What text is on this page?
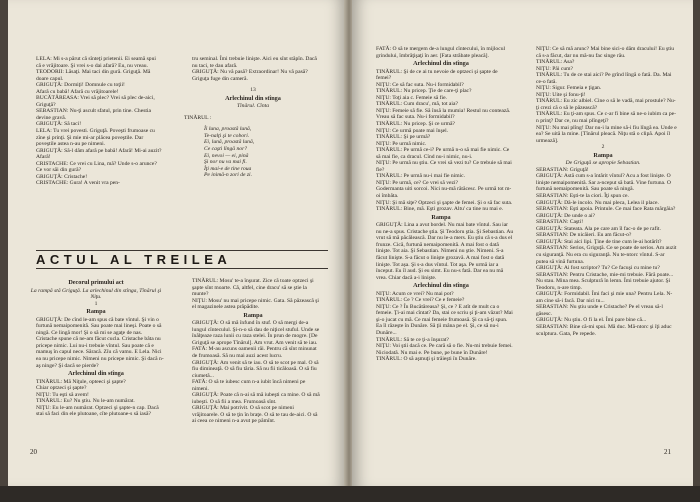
LELA: Mi s-a părut că sînteţi prietenii. Ei seamă spui că e vrăjitoare. Şi vrei s-o dai afară? Eu, nu vreau.

TEODORII: Lăsaţi. Mai taci din gură. Griguţă. Mă doare capul.

GRIGUŢĂ: Dormiţi! Domnule cu toţii!

Afară cu babă! Afară cu vrăjitoarele!

BUCĂTĂREASA: Vrei să plec? Vrei să plec de-aici, Griguţă?

SEBASTIAN: Nu-ţi ascult sfatul, prin tine. Chestia devine gravă.

GRIGUŢĂ: Să taci!

LELA: Tu vrei povesti. Griguţă. Poveşti frumoase cu zîne şi prinţi. Şi mie mi-ar plăcea poveştile. Dar poveştile astea n-au pe nimeni.

GRIGUŢĂ: Să-l dăm afară pe babă! Afară! Mi-ai auzit? Afară!

CRISTACHE: Ce vrei cu Lina, mă? Unde s-o arunce? Ce vor săi din gură?

GRIGUŢĂ: Cristache!

CRISTACHE: Gura! A venit vra pen-

tru seminal. Îmi trebuie linişte. Aici eu sînt stăpîn. Dacă nu taci, te dau afară.

GRIGUŢĂ: Nu vă pasă? Extraordinar! Nu vă pasă?

Griguţa fuge din cameră.

13

Arlechinul din stînga

Tînărul. Cînta

TINĂRUL :

Îi luna, proastă lună,

Te-nalţi şi te cobori.

Ei, lună, proastă lună,

Ce caşti lîngă nor?

Ei, nevoi — ei, pină

Şi nor nu va mai fi.

Îţi mai-e de tine roua

Pe inimă-n zori de zi.

ACTUL AL TREILEA

Decorul primului act

La rampă stă Griguţă. La arlechinul din stînga, Tînărul şi Niţu.

1

Rampa

GRIGUŢĂ: De cînd le-am spus că bate vîntul. Şi vin o furtună nemaipomenită. Sau poate mai lineşi. Poate o să ningă. Ce lingă mor! Şi o să mi se agaţe de nas. Cristache spune că ne-am făcut cucla. Cristache bâta nu pricepe nimic. Lui nu-i trebuie vîntul. Sau poate că e mamuş în capul nece. Săracă. Zîu că vamu. E Lela. Nici ea nu pricepe nimic. Nimeni nu pricepe nimic. Şi dacă n-aş ninge? Şi dacă se pierde?

Arlechinul din stînga

TINĂRUL: Mă Niţule, opteeci şi şapte?

Chiar optzeci şi şapte?

NIŢU: Tu eşti să avem!

TINĂRUL: Eu? Nu ştiu. Nu le-am numărat.

NIŢU: Eu le-am numărat. Optzeci şi şapte-n cap. Dacă stai să faci din ele plutoane, cîte plutoane-s să iasă?

TINĂRUL: Mosu' te-a înşurat. Zice că toate optzeci şi şapte sînt moarte. Că, altfel, cine dracu' să se ştie la munte?

NIŢU: Mosu' nu mai pricepe nimic. Gata. Să păzească şi el magazinele astea prăpădite.

Rampa

GRIGUŢĂ: O să mă înfund în stuf. O să mergi de-a lungul cînteculul. Şi-n-o să dau de niţicel stuful. Unde se înălţeaze raza lunii cu raza stelei. În prun de mogre. [De Griguţă se aprope Tînărul]. Am vrut. Am venit să te iau.

FATĂ: M-au ascuns oamenii răi. Pentru că sînt minunat de frumoasă. Să nu mai auzi acest lucru.

GRIGUŢĂ: Am venit să te iau. O să te scot pe mal. O să fiu dimineaţă. O să fiu tăria. Să nu fii ticăloasă. O să fiu ciumetă...

FATĂ: O să te iubesc cum n-a iubit încă nimeni pe nimeni.

GRIGUŢĂ: Poate că n-ai să mă iubeşti ca mine. O să mă iubeşti. O să fii a mea. Frumoasă sînt.

GRIGUŢĂ: Mai potrivit. O să scot pe nimeni vrăjitoarele. O să te ţin în braţe. O să te tau de-aici. O să ai ceea ce nimeni n-a avut pe pămînt.

20

FATĂ: O să te mergem de-a lungul cîntecului, în mijlocul grindului, îmbrăţişaţi în aer. [Fata străbate pleacă].

Arlechinul din stînga

TINĂRUL: Şi de ce ai tu nevoie de optzeci şi şapte de femei?

NIŢU: Ce să fac suta. Nu-i formidabil?

TINĂRUL: Nu pricep. Ţie de care-ţi plac?

NIŢU: Toţi aia c. Femeie să fie.

TINĂRUL: Cum dracu', mă, tot aia?

NIŢU: Femeie să fie. Să însă la mumia! Restul nu contează. Vreau să fac suta. Nu-i formidabil?

TINĂRUL: Nu pricep. Şi ce urmă?

NIŢU: Ce urmă poate mai înşel.

TINĂRUL: Şi pe urmă?

NIŢU: Pe urmă nimic.

TINĂRUL: Pe urmă ce-i? Pe urmă n-o să mai fie nimic. Ce să mai fie, ca dracul. Cînd nu-i nimic, nu-i.

NIŢU: Pe urmă nu ştiu. Ce vrei să vezi tu? Ce trebuie să mai fie?

TINĂRUL: Pe urmă nu-i mai fie nimic.

NIŢU: Pe urmă, ce? Ce vrei să vezi?

Godermanta uiti sorcoi. Nici nu-mă rătăcesc. Pe urmă tot m-oi îmbăta.

NIŢU: Şi mă siţe? Optzeci şi şapte de femei. Şi o să fac suta.

TINĂRUL: Bine, mă. Eşti grozav. Altu' ca tine nu mai e.

Rampa

GRIGUŢĂ: Lina a avut bordel. Nu mai bate vîntul. Sau iar nu ne-a spus. Cristache ştia. Şi Teodoru ştia. Şi Sebastian. Au vrut să mă păcălească. Dar nu le-a mers. Eu ştiu că s-a dus el frunze. Cică, furtună nemaipomenită. A mai fost o dată linişte. Tot aia. Şi Sebastian. Nimeni nu ştie. Nimeni. S-a făcut linişte. S-a făcut o linişte grozavă. A mai fost o dată linişte. Tot așa. Şi s-a dus vîntul. Tot aşa. Pe urmă iar a început. Eu îl aud. Şi eu simt. Eu nu-s fată. Dar ea nu mă vrea. Chiar dacă a-i linişte.

Arlechinul din stînga

NIŢU: Acum ce vrei? Nu mai pot?

TINĂRUL: Ce ? Ce vrei? Ce e femeie?

NIŢU: Ce ? În Bucătăreasa? Şi, ce ? E atît de mult ca o femeie. Ţi-ai mai cîntat? Da, stai ce scriu şi ţi-am văzut? Mai şi-o jucat cu mă. Ce mai femeie frumoasă. Şi ca să-ţi spun. Ea îl răzeşte în Dunăre. Să ţii mâna pe el. Şi, ce să nu-i Dunăre...

TINĂRUL: Să te ce ţi-a înşurat?

NIŢU: Voi ştii dacă ce. Pe cară să o fie. Nu-mi trebuie femei. Niciodată. Nu mai e. Pe bune, pe bune în Dunăre!

TINĂRUL: O să aşmuţi şi trăieşti în Dunăre.

NIŢU: Ce să mă arunc? Mai bine sici-o dăm dracului! Eu ştiu că s-a făcut, dar nu mă-nu fac singe rău.

TINĂRUL: Asa?

NIŢU: Păi cum?

TINĂRUL: Tu de ce stai aici? Pe grînd lîngă o fată. Da. Mai ce-o fată.

NIŢU: Sigur. Femeia e ţigan.

NIŢU: Uite şi fonu-ţi!

TINĂRUL: Eu zic albiel. Cine o să le vadă, mai prostule? Nu-ţi crezi că o să le păzească?

TINĂRUL: Eu ţi-am spus. Ce c-ar fi bine să ne-o iubim ca pe-n prinţ? Dar ce, nu mai plîngeţi?

NIŢU: Nu mai plîng! Dar nu-i la mine să-i fiu lîngă ea. Unde e ea? Se uită la mine. [Tînărul pleacă. Niţu stă o clipă. Apoi îl urmează].

2

Rampa

De Griguţă se apropie Sebastian.

SEBASTIAN: Griguţă!

GRIGUŢĂ: Astă cum s-a întărit vîntul? Acu a fost linişte. O linişte nemaipomenită. Sar a-nceput să bată. Vine furtuna. O furtună nemaipomenită. Sau poate să ningă.

SEBASTIAN: Eşti-te la ciori. Îţi spun ce.

GRIGUŢĂ: Dă-le incolo. Nu mai pleca, Lelea il place.

SEBASTIAN: Eşti apoia. Printule. Ce mai face Rata mărgăia?

GRIGUŢĂ: De unde o ai?

SEBASTIAN: Caşti!

GRIGUŢĂ: Stateata. Ala pe care am îl fac-o de pe rafit.

SEBASTIAN: De nicăieri. Eu am făcut-o?

GRIGUŢĂ: Stai aici lipi. Ţine de tine cum le-ai hotărît?

SEBASTIAN: Serios, Griguţă. Ce se poate de serios. Am auzit cu siguranţă. Nu era cu siguranţă. Nu te-ntorc vîntul. S-ar putea să vină furtuna.

GRIGUŢĂ: Ai fost scriptor? Tu? Ce facuşi cu mine tu?

SEBASTIAN: Pentru Cristache, mie-mi trebuie. Fără poate... Nu stau. Mina mea. Sculptură în lemn. Îmi trebuie ajutor. Şi Teodoru, n-are timp.

GRIGUŢĂ: Formidabil. Îmi faci şi mie una? Pentru Lela. N-am cine să-i facă. Dar nici tu...

SEBASTIAN: Nu ştiu unde e Cristache? Pe el vreau să-l găsesc.

GRIGUŢĂ: Nu ştiu. O fi la el. Îmi pare bine că...

SEBASTIAN: Bine că-mi spui. Mă duc. Mă-ntorc şi îţi aduc sculptura. Gata, Pe repede.

21
